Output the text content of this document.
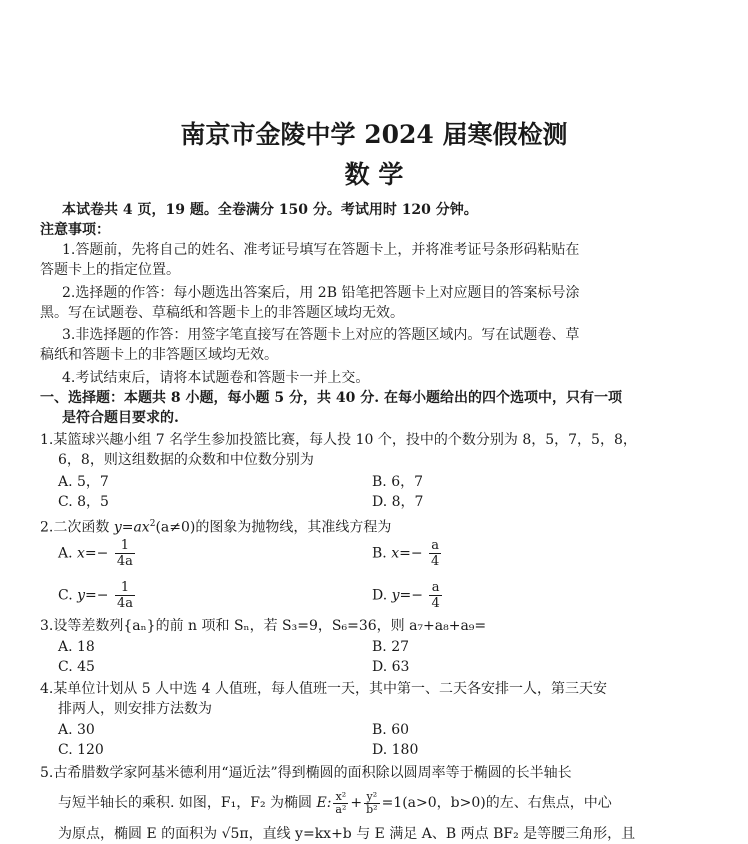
南京市金陵中学 2024 届寒假检测
数 学
本试卷共 4 页，19 题。全卷满分 150 分。考试用时 120 分钟。
注意事项：
1.答题前，先将自己的姓名、准考证号填写在答题卡上，并将准考证号条形码粘贴在
答题卡上的指定位置。
2.选择题的作答：每小题选出答案后，用 2B 铅笔把答题卡上对应题目的答案标号涂
黑。写在试题卷、草稿纸和答题卡上的非答题区域均无效。
3.非选择题的作答：用签字笔直接写在答题卡上对应的答题区域内。写在试题卷、草
稿纸和答题卡上的非答题区域均无效。
4.考试结束后，请将本试题卷和答题卡一并上交。
一、选择题：本题共 8 小题，每小题 5 分，共 40 分. 在每小题给出的四个选项中，只有一项
是符合题目要求的.
1.某篮球兴趣小组 7 名学生参加投篮比赛，每人投 10 个，投中的个数分别为 8，5，7，5，8，
6，8，则这组数据的众数和中位数分别为
A. 5，7	B. 6，7
C. 8，5	D. 8，7
2.二次函数 $y=ax^2(a\ne 0)$的图象为抛物线，其准线方程为
A. $x=- \frac{1}{4a}$	B. $x=- \frac{a}{4}$
C. $y=- \frac{1}{4a}$	D. $y=- \frac{a}{4}$
3.设等差数列{aₙ}的前 n 项和 Sₙ，若 S₃=9，S₆=36，则 a₇+a₈+a₉=
A. 18	B. 27
C. 45	D. 63
4.某单位计划从 5 人中选 4 人值班，每人值班一天，其中第一、二天各安排一人，第三天安
排两人，则安排方法数为
A. 30	B. 60
C. 120	D. 180
5.古希腊数学家阿基米德利用“逼近法”得到椭圆的面积除以圆周率等于椭圆的长半轴长
与短半轴长的乘积. 如图，F₁，F₂ 为椭圆 E: $\frac{\text{x²}}{\text{a²}} + \frac{\text{y²}}{\text{b²}} =1(a>0$，b>0)的左、右焦点，中心
为原点，椭圆 E 的面积为 √5π，直线 y=kx+b 与 E 满足 A、B 两点 BF₂ 是等腰三角形，且
